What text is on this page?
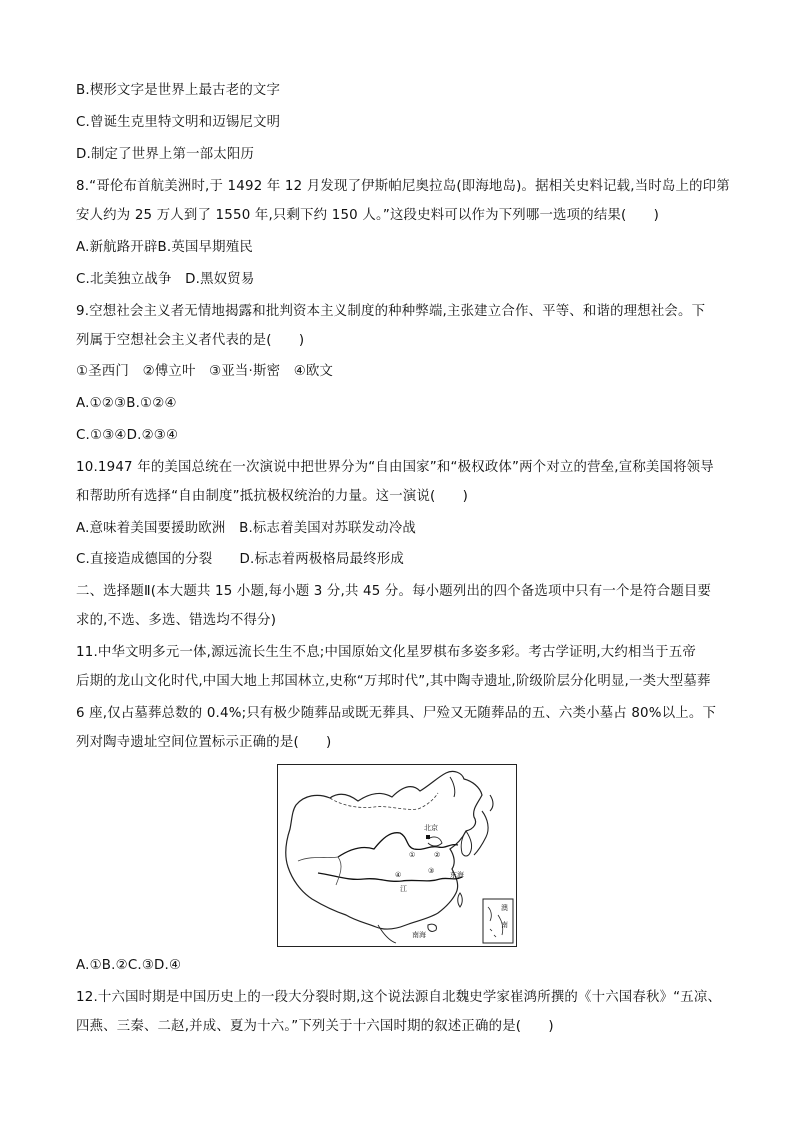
B.楔形文字是世界上最古老的文字
C.曾诞生克里特文明和迈锡尼文明
D.制定了世界上第一部太阳历
8.“哥伦布首航美洲时,于 1492 年 12 月发现了伊斯帕尼奥拉岛(即海地岛)。据相关史料记载,当时岛上的印第
安人约为 25 万人到了 1550 年,只剩下约 150 人。”这段史料可以作为下列哪一选项的结果(　　)
A.新航路开辟B.英国早期殖民
C.北美独立战争　D.黑奴贸易
9.空想社会主义者无情地揭露和批判资本主义制度的种种弊端,主张建立合作、平等、和谐的理想社会。下
列属于空想社会主义者代表的是(　　)
①圣西门　②傅立叶　③亚当·斯密　④欧文
A.①②③B.①②④
C.①③④D.②③④
10.1947 年的美国总统在一次演说中把世界分为“自由国家”和“极权政体”两个对立的营垒,宣称美国将领导
和帮助所有选择“自由制度”抵抗极权统治的力量。这一演说(　　)
A.意味着美国要援助欧洲　B.标志着美国对苏联发动冷战
C.直接造成德国的分裂　　D.标志着两极格局最终形成
二、选择题Ⅱ(本大题共 15 小题,每小题 3 分,共 45 分。每小题列出的四个备选项中只有一个是符合题目要
求的,不选、多选、错选均不得分)
11.中华文明多元一体,源远流长生生不息;中国原始文化星罗棋布多姿多彩。考古学证明,大约相当于五帝
后期的龙山文化时代,中国大地上邦国林立,史称“万邦时代”,其中陶寺遗址,阶级阶层分化明显,一类大型墓葬
6 座,仅占墓葬总数的 0.4%;只有极少随葬品或既无葬具、尸殓又无随葬品的五、六类小墓占 80%以上。下
列对陶寺遗址空间位置标示正确的是(　　)
北京
①	②
③
④	东海
江
南海
澳
南
A.①B.②C.③D.④
12.十六国时期是中国历史上的一段大分裂时期,这个说法源自北魏史学家崔鸿所撰的《十六国春秋》“五凉、
四燕、三秦、二赵,并成、夏为十六。”下列关于十六国时期的叙述正确的是(　　)
